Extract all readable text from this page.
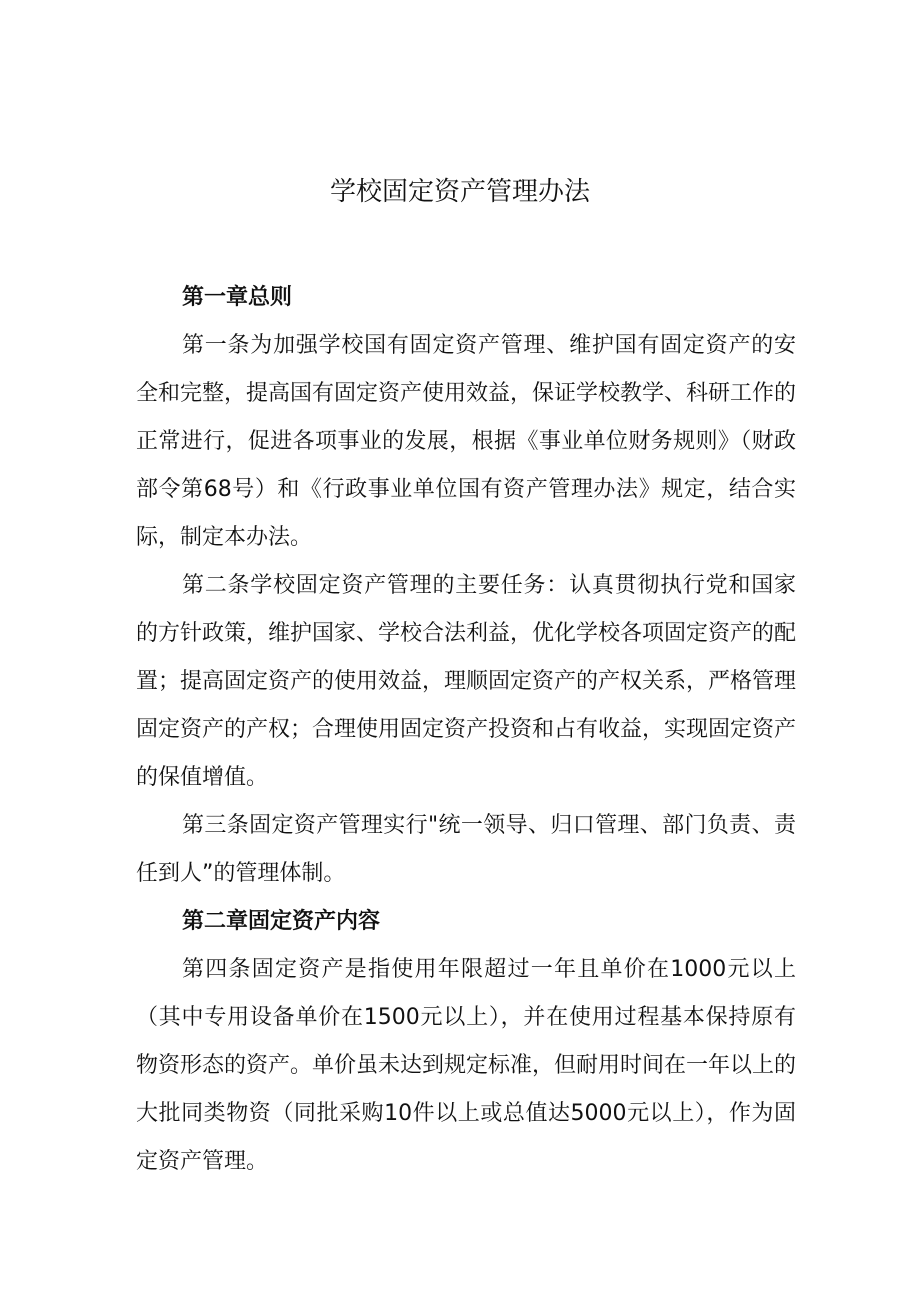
学校固定资产管理办法

第一章总则

第一条为加强学校国有固定资产管理、维护国有固定资产的安全和完整，提高国有固定资产使用效益，保证学校教学、科研工作的正常进行，促进各项事业的发展，根据《事业单位财务规则》（财政部令第68号）和《行政事业单位国有资产管理办法》规定，结合实际，制定本办法。

第二条学校固定资产管理的主要任务：认真贯彻执行党和国家的方针政策，维护国家、学校合法利益，优化学校各项固定资产的配置；提高固定资产的使用效益，理顺固定资产的产权关系，严格管理固定资产的产权；合理使用固定资产投资和占有收益，实现固定资产的保值增值。

第三条固定资产管理实行"统一领导、归口管理、部门负责、责任到人”的管理体制。

第二章固定资产内容

第四条固定资产是指使用年限超过一年且单价在1000元以上（其中专用设备单价在1500元以上），并在使用过程基本保持原有物资形态的资产。单价虽未达到规定标准，但耐用时间在一年以上的大批同类物资（同批采购10件以上或总值达5000元以上），作为固定资产管理。
